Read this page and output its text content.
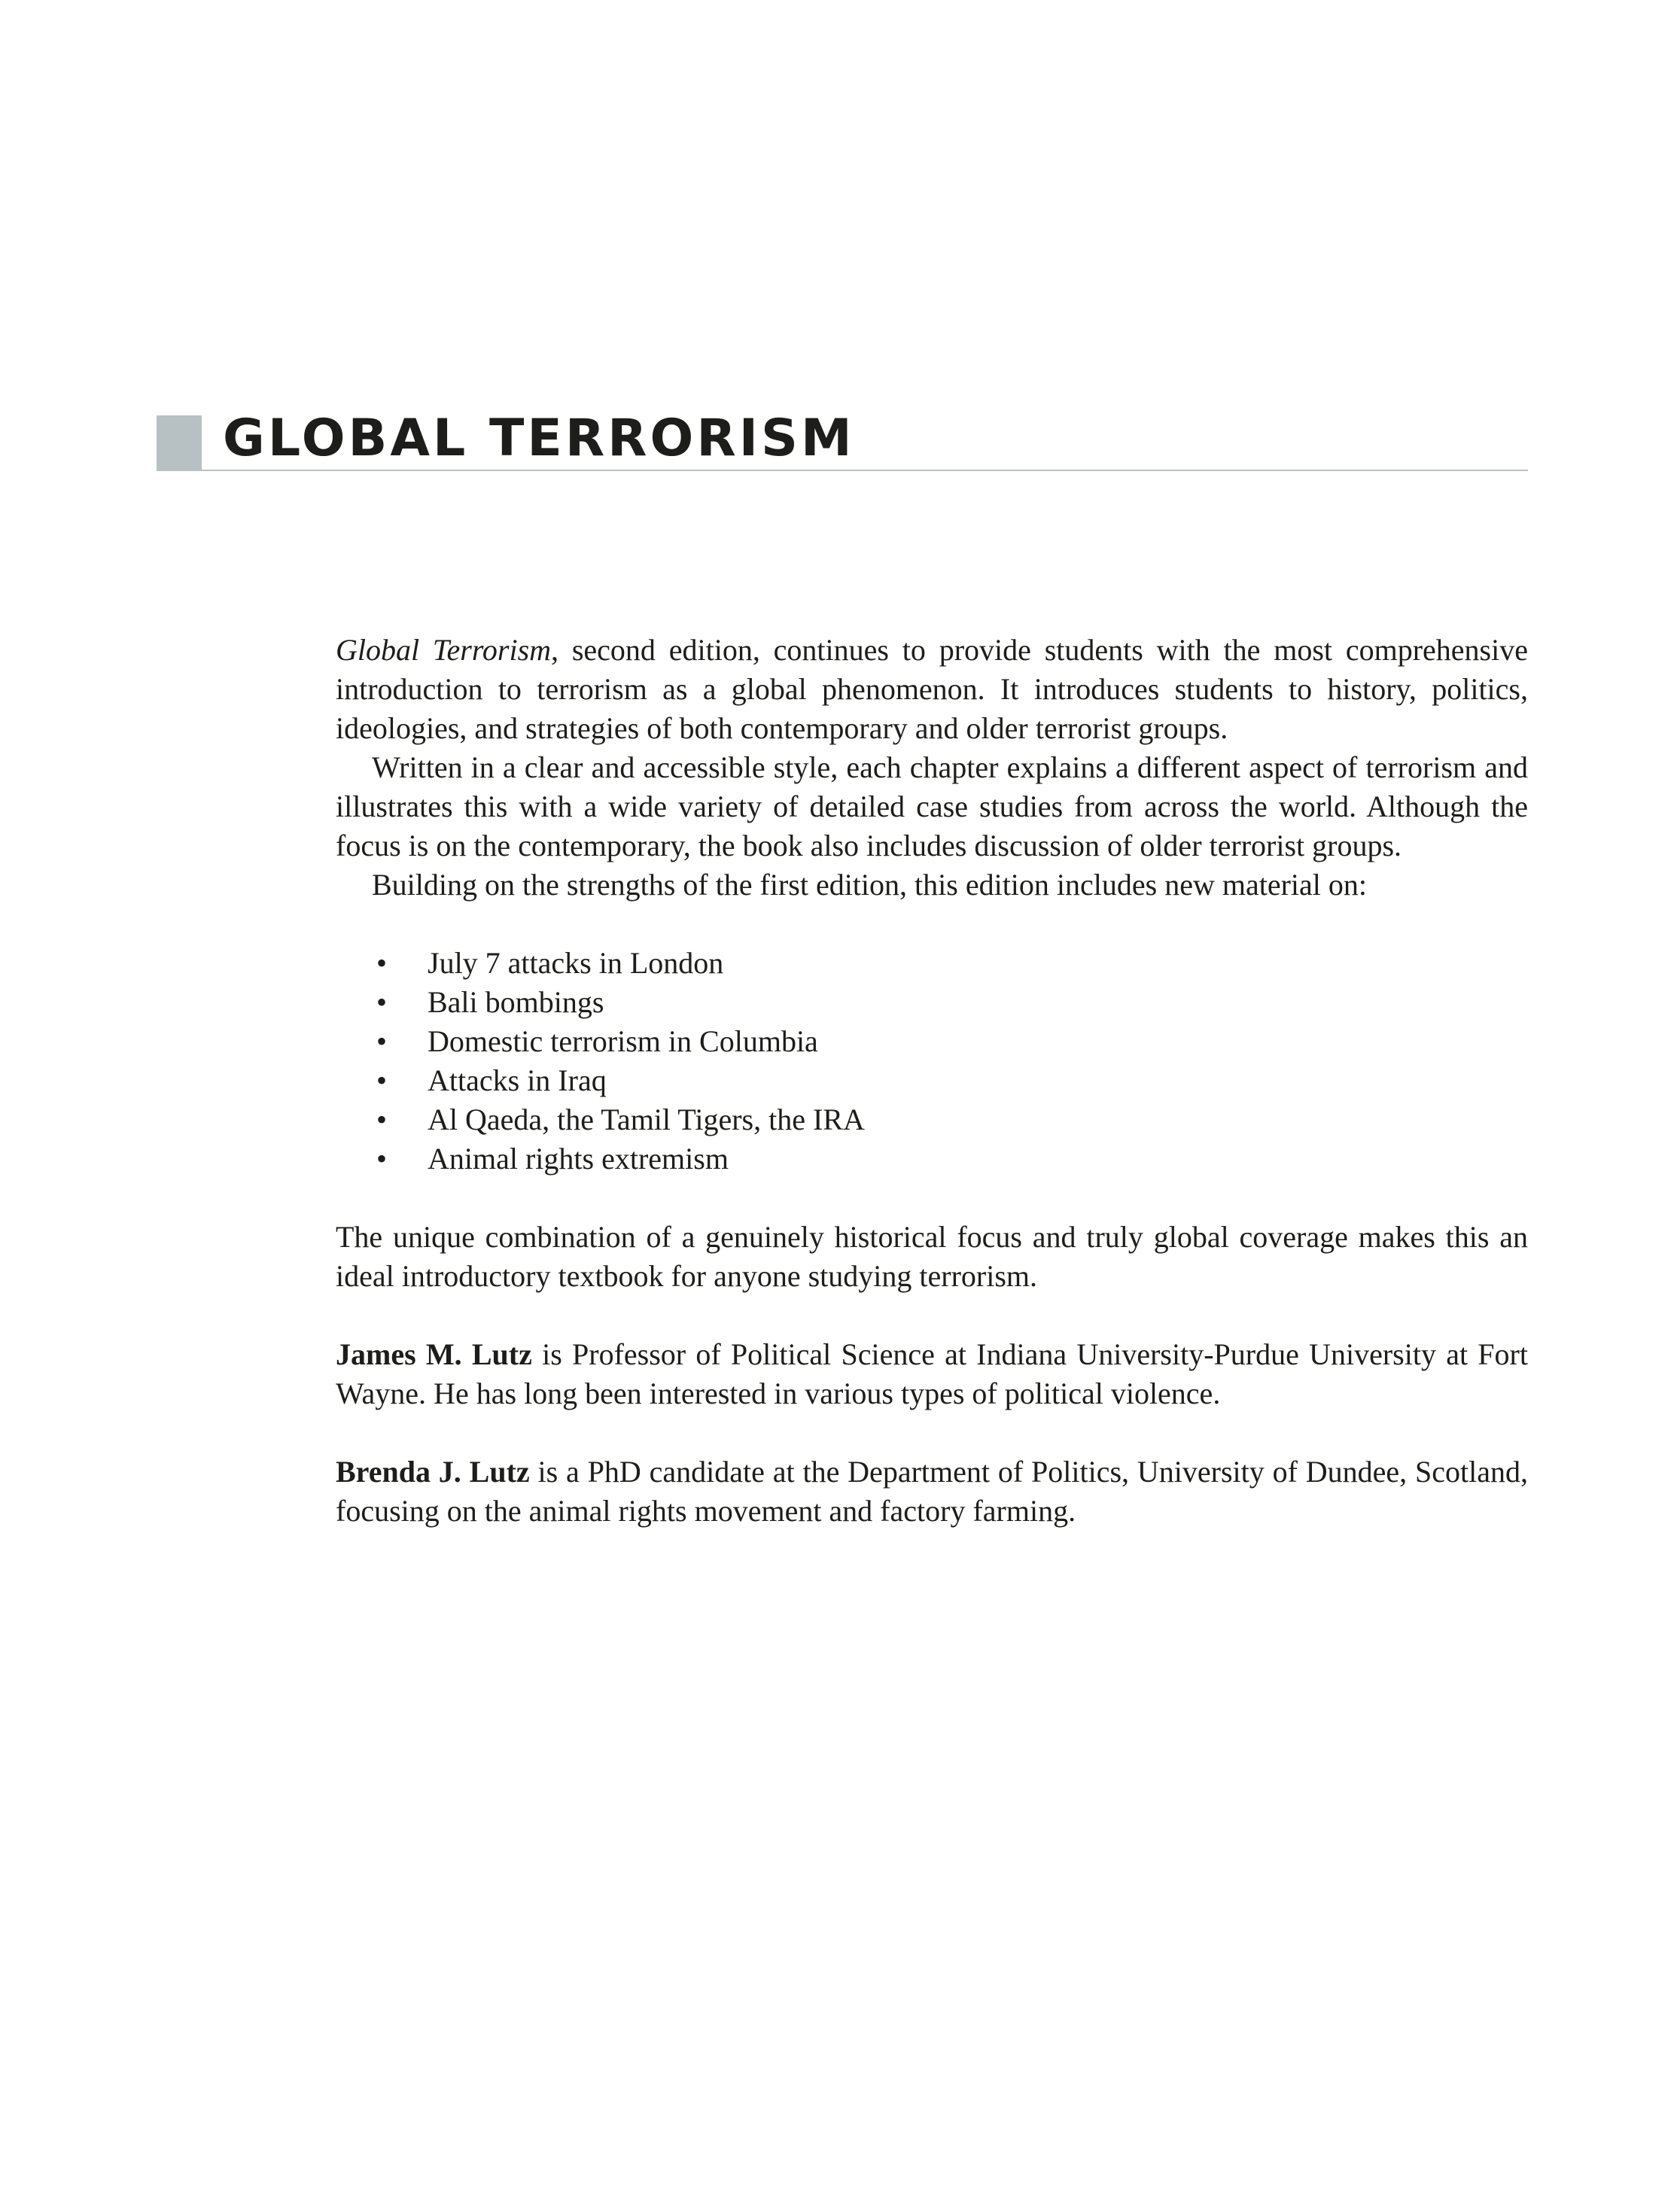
GLOBAL TERRORISM

Global Terrorism, second edition, continues to provide students with the most comprehensive introduction to terrorism as a global phenomenon. It introduces students to history, politics, ideologies, and strategies of both contemporary and older terrorist groups.

Written in a clear and accessible style, each chapter explains a different aspect of terrorism and illustrates this with a wide variety of detailed case studies from across the world. Although the focus is on the contemporary, the book also includes discussion of older terrorist groups.

Building on the strengths of the first edition, this edition includes new material on:

• July 7 attacks in London
• Bali bombings
• Domestic terrorism in Columbia
• Attacks in Iraq
• Al Qaeda, the Tamil Tigers, the IRA
• Animal rights extremism

The unique combination of a genuinely historical focus and truly global coverage makes this an ideal introductory textbook for anyone studying terrorism.

James M. Lutz is Professor of Political Science at Indiana University-Purdue University at Fort Wayne. He has long been interested in various types of political violence.

Brenda J. Lutz is a PhD candidate at the Department of Politics, University of Dundee, Scotland, focusing on the animal rights movement and factory farming.
